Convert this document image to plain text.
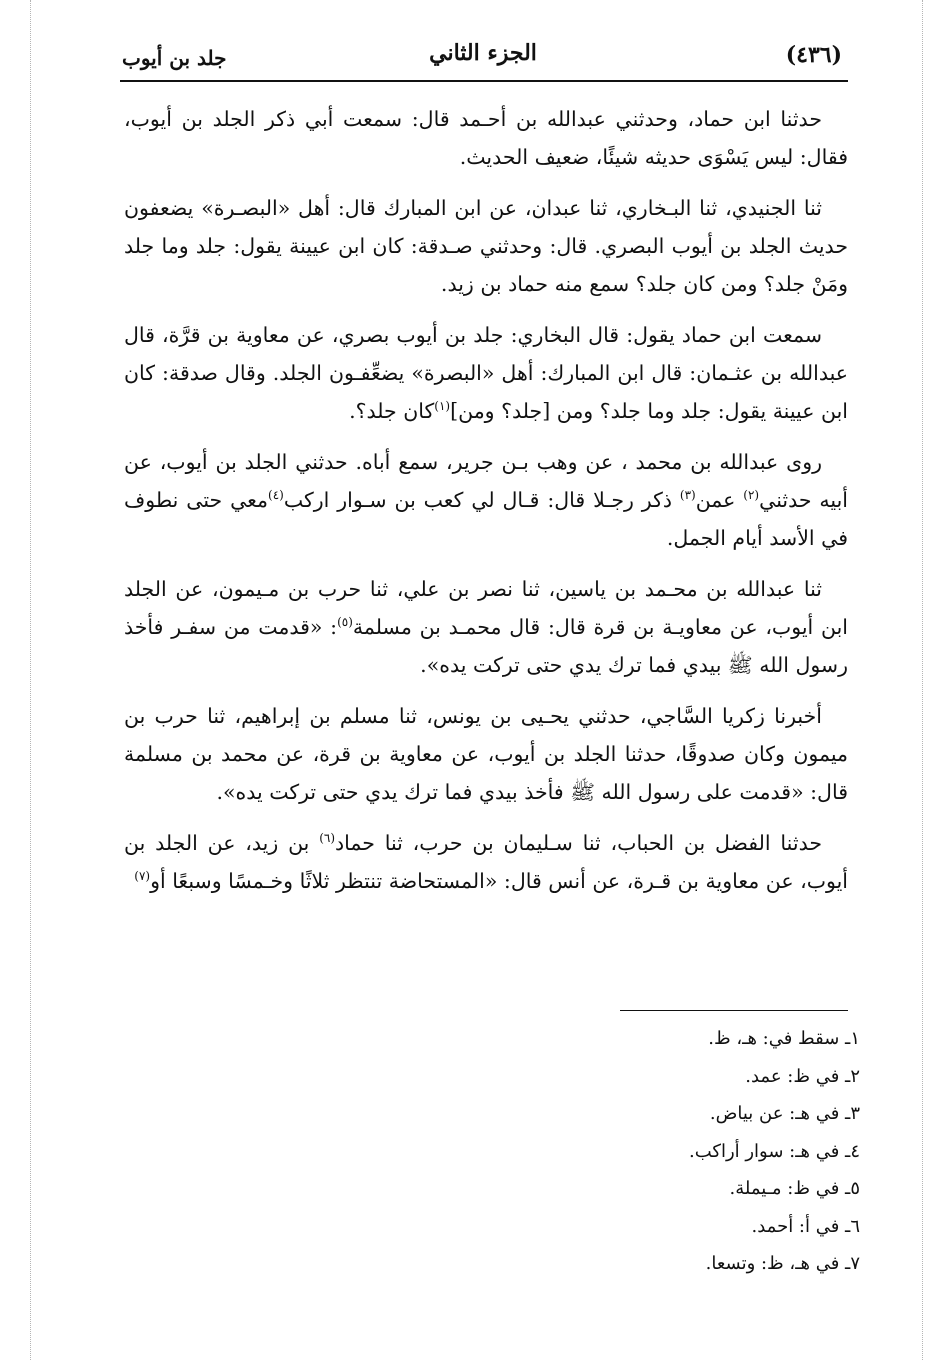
(٤٣٦)
الجزء الثاني
جلد بن أيوب

حدثنا ابن حماد، وحدثني عبدالله بن أحـمد قال: سمعت أبي ذكر الجلد بن أيوب، فقال: ليس يَسْوَى حديثه شيئًا، ضعيف الحديث.

ثنا الجنيدي، ثنا البـخاري، ثنا عبدان، عن ابن المبارك قال: أهل «البصـرة» يضعفون حديث الجلد بن أيوب البصري. قال: وحدثني صـدقة: كان ابن عيينة يقول: جلد وما جلد ومَنْ جلد؟ ومن كان جلد؟ سمع منه حماد بن زيد.

سمعت ابن حماد يقول: قال البخاري: جلد بن أيوب بصري، عن معاوية بن قرَّة، قال عبدالله بن عثـمان: قال ابن المبارك: أهل «البصرة» يضعِّفـون الجلد. وقال صدقة: كان ابن عيينة يقول: جلد وما جلد؟ ومن [جلد؟ ومن]$^{(١)}$كان جلد؟.

روى عبدالله بن محمد ، عن وهب بـن جرير، سمع أباه. حدثني الجلد بن أيوب، عن أبيه حدثني$^{(٢)}$ عمن$^{(٣)}$ ذكر رجـلا قال: قـال لي كعب بن سـوار اركب$^{(٤)}$معي حتى نطوف في الأسد أيام الجمل.

ثنا عبدالله بن محـمد بن ياسين، ثنا نصر بن علي، ثنا حرب بن مـيمون، عن الجلد ابن أيوب، عن معاويـة بن قرة قال: قال محمـد بن مسلمة$^{(٥)}$: «قدمت من سفـر فأخذ رسول الله ﷺ بيدي فما ترك يدي حتى تركت يده».

أخبرنا زكريا السَّاجي، حدثني يحـيى بن يونس، ثنا مسلم بن إبراهيم، ثنا حرب بن ميمون وكان صدوقًا، حدثنا الجلد بن أيوب، عن معاوية بن قرة، عن محمد بن مسلمة قال: «قدمت على رسول الله ﷺ فأخذ بيدي فما ترك يدي حتى تركت يده».

حدثنا الفضل بن الحباب، ثنا سـليمان بن حرب، ثنا حماد$^{(٦)}$ بن زيد، عن الجلد بن أيوب، عن معاوية بن قـرة، عن أنس قال: «المستحاضة تنتظر ثلاثًا وخـمسًا وسبعًا أو$^{(٧)}$

١ـ سقط في: هـ، ظ.
٢ـ في ظ: عمد.
٣ـ في هـ: عن بياض.
٤ـ في هـ: سوار أراكب.
٥ـ في ظ: مـيملة.
٦ـ في أ: أحمد.
٧ـ في هـ، ظ: وتسعا.
